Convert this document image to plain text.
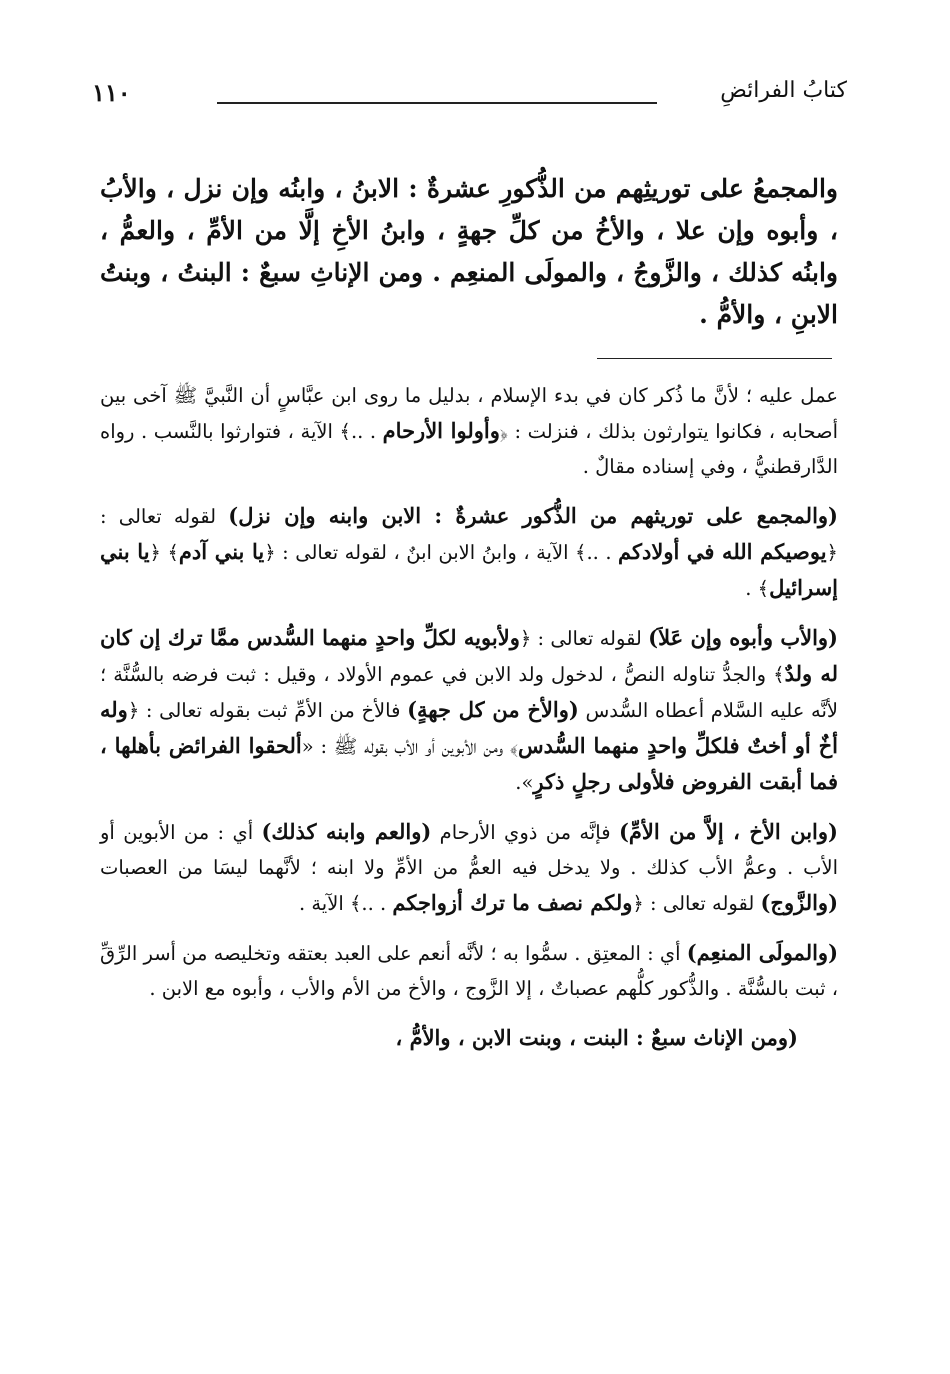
١١٠	كتابُ الفرائضِ

والمجمعُ على توريثِهم من الذُّكورِ عشرةٌ : الابنُ ، وابنُه وإن نزل ، والأبُ ، وأبوه وإن علا ، والأخُ من كلِّ جهةٍ ، وابنُ الأخِ إلَّا من الأمِّ ، والعمُّ ، وابنُه كذلك ، والزَّوجُ ، والمولَى المنعِم . ومن الإناثِ سبعٌ : البنتُ ، وبنتُ الابنِ ، والأمُّ .

عمل عليه ؛ لأنَّ ما ذُكر كان في بدء الإسلام ، بدليل ما روى ابن عبَّاسٍ أن النَّبيَّ ﷺ آخى بين أصحابه ، فكانوا يتوارثون بذلك ، فنزلت : ﴿وأولوا الأرحام . ..﴾ الآية ، فتوارثوا بالنَّسب . رواه الدَّارقطنيُّ ، وفي إسناده مقالٌ .

(والمجمع على توريثهم من الذُّكور عشرةٌ : الابن وابنه وإن نزل) لقوله تعالى : ﴿يوصيكم الله في أولادكم . ..﴾ الآية ، وابنُ الابن ابنٌ ، لقوله تعالى : ﴿يا بني آدم﴾ ﴿يا بني إسرائيل﴾ .

(والأب وأبوه وإن عَلاَ) لقوله تعالى : ﴿ولأبويه لكلِّ واحدٍ منهما السُّدس ممَّا ترك إن كان له ولدٌ﴾ والجدُّ تناوله النصُّ ، لدخول ولد الابن في عموم الأولاد ، وقيل : ثبت فرضه بالسُّنَّة ؛ لأنَّه عليه السَّلام أعطاه السُّدس (والأخ من كل جهةٍ) فالأخ من الأمِّ ثبت بقوله تعالى : ﴿وله أخٌ أو أختٌ فلكلِّ واحدٍ منهما السُّدس﴾ ومن الأبوين أو الأب بقوله ﷺ : «ألحقوا الفرائض بأهلها ، فما أبقت الفروض فلأولى رجلٍ ذكرٍ».

(وابن الأخ ، إلاَّ من الأمِّ) فإنَّه من ذوي الأرحام (والعم وابنه كذلك) أي : من الأبوين أو الأب . وعمُّ الأب كذلك . ولا يدخل فيه العمُّ من الأمِّ ولا ابنه ؛ لأنَّهما ليسَا من العصبات (والزَّوج) لقوله تعالى : ﴿ولكم نصف ما ترك أزواجكم . ..﴾ الآية .

(والمولَى المنعِم) أي : المعتِق . سمُّوا به ؛ لأنَّه أنعم على العبد بعتقه وتخليصه من أسر الرِّقِّ ، ثبت بالسُّنَّة . والذُّكور كلُّهم عصباتٌ ، إلا الزَّوج ، والأخ من الأم والأب ، وأبوه مع الابن .

(ومن الإناث سبعٌ : البنت ، وبنت الابن ، والأمُّ ،
